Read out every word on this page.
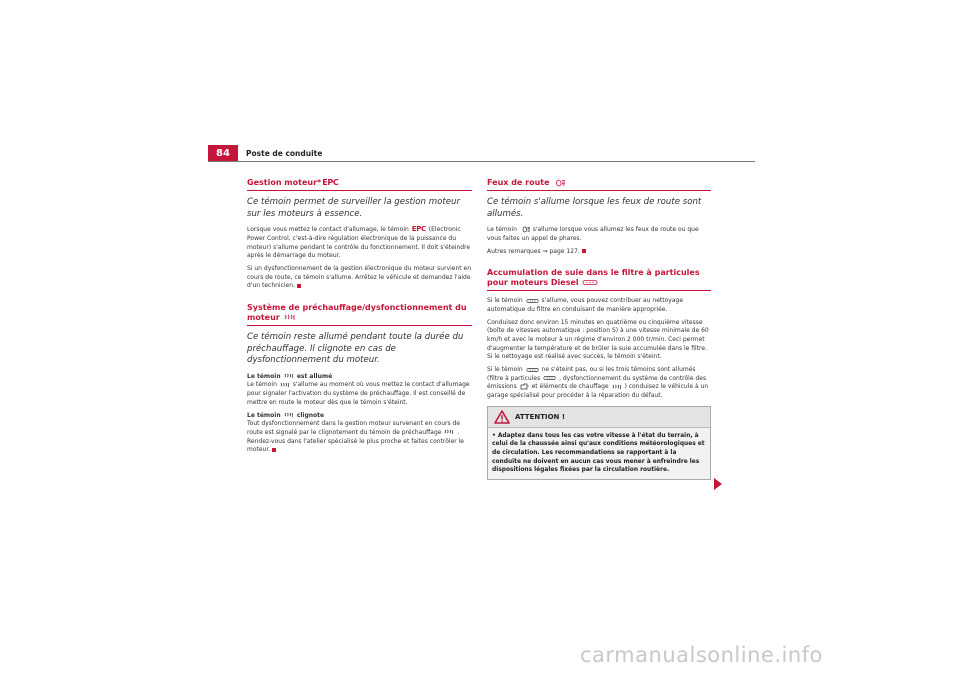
84	Poste de conduite
Gestion moteur*EPC
Ce témoin permet de surveiller la gestion moteur sur les moteurs à essence.

Lorsque vous mettez le contact d'allumage, le témoin EPC (Electronic Power Control, c'est-à-dire régulation électronique de la puissance du moteur) s'allume pendant le contrôle du fonctionnement. Il doit s'éteindre après le démarrage du moteur.

Si un dysfonctionnement de la gestion électronique du moteur survient en cours de route, ce témoin s'allume. Arrêtez le véhicule et demandez l'aide d'un technicien.

Système de préchauffage/dysfonctionnement du moteur
Ce témoin reste allumé pendant toute la durée du préchauffage. Il clignote en cas de dysfonctionnement du moteur.

Le témoin	est allumé

Le témoin	s'allume au moment où vous mettez le contact d'allumage pour signaler l'activation du système de préchauffage. Il est conseillé de mettre en route le moteur dès que le témoin s'éteint.

Le témoin	clignote

Tout dysfonctionnement dans la gestion moteur survenant en cours de route est signalé par le clignotement du témoin de préchauffage	. Rendez-vous dans l'atelier spécialisé le plus proche et faites contrôler le moteur.

Feux de route
Ce témoin s'allume lorsque les feux de route sont allumés.

Le témoin	s'allume lorsque vous allumez les feux de route ou que vous faites un appel de phares.

Autres remarques ⇒ page 127.

Accumulation de suie dans le filtre à particules pour moteurs Diesel

Si le témoin	s'allume, vous pouvez contribuer au nettoyage automatique du filtre en conduisant de manière appropriée.

Conduisez donc environ 15 minutes en quatrième ou cinquième vitesse (boîte de vitesses automatique : position S) à une vitesse minimale de 60 km/h et avec le moteur à un régime d'environ 2 000 tr/min. Ceci permet d'augmenter la température et de brûler la suie accumulée dans le filtre. Si le nettoyage est réalisé avec succès, le témoin s'éteint.

Si le témoin	ne s'éteint pas, ou si les trois témoins sont allumés (filtre à particules	, dysfonctionnement du système de contrôle des émissions et éléments de chauffage	) conduisez le véhicule à un garage spécialisé pour procéder à la réparation du défaut.

ATTENTION !
• Adaptez dans tous les cas votre vitesse à l'état du terrain, à celui de la chaussée ainsi qu'aux conditions météorologiques et de circulation. Les recommandations se rapportant à la conduite ne doivent en aucun cas vous mener à enfreindre les dispositions légales fixées par la circulation routière.
carmanualsonline.info
